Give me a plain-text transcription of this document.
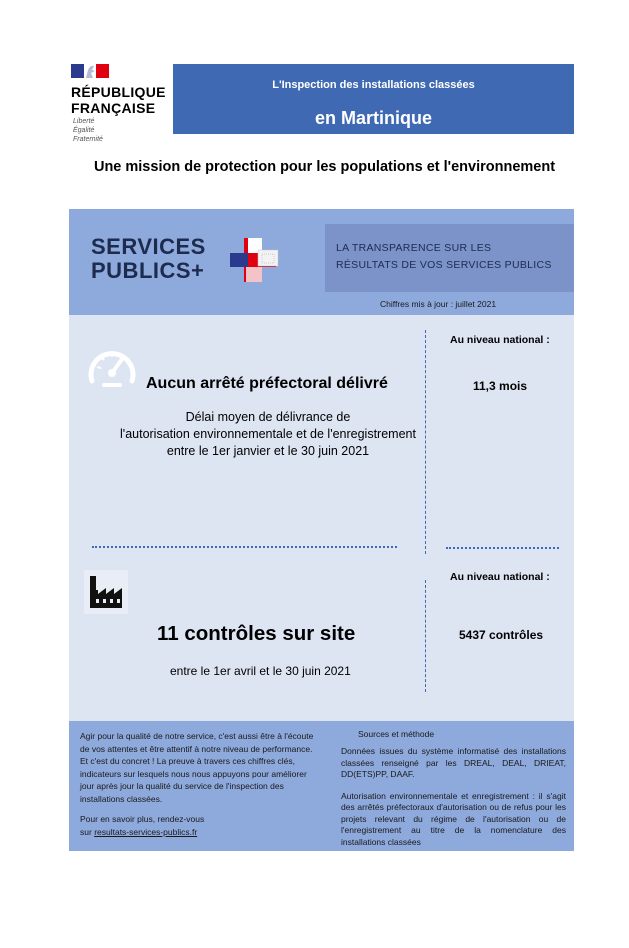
RÉPUBLIQUE
FRANÇAISE
Liberté
Égalité
Fraternité
L'Inspection des installations classées
en Martinique
Une mission de protection pour les populations et l'environnement
SERVICES
PUBLICS+
LA TRANSPARENCE SUR LES
RÉSULTATS DE VOS SERVICES PUBLICS
Chiffres mis à jour : juillet 2021
Aucun arrêté préfectoral délivré
Délai moyen de délivrance de
l'autorisation environnementale et de l'enregistrement
entre le 1er janvier et le 30 juin 2021
Au niveau national :
11,3 mois
11 contrôles sur site
entre le 1er avril et le 30 juin 2021
Au niveau national :
5437 contrôles

Agir pour la qualité de notre service, c'est aussi être à l'écoute de vos attentes et être attentif à notre niveau de performance. Et c'est du concret ! La preuve à travers ces chiffres clés, indicateurs sur lesquels nous nous appuyons pour améliorer jour après jour la qualité du service de l'inspection des installations classées.

Pour en savoir plus, rendez-vous
sur resultats-services-publics.fr
Sources et méthode

Données issues du système informatisé des installations classées renseigné par les DREAL, DEAL, DRIEAT, DD(ETS)PP, DAAF.

Autorisation environnementale et enregistrement : il s'agit des arrêtés préfectoraux d'autorisation ou de refus pour les projets relevant du régime de l'autorisation ou de l'enregistrement au titre de la nomenclature des installations classées
